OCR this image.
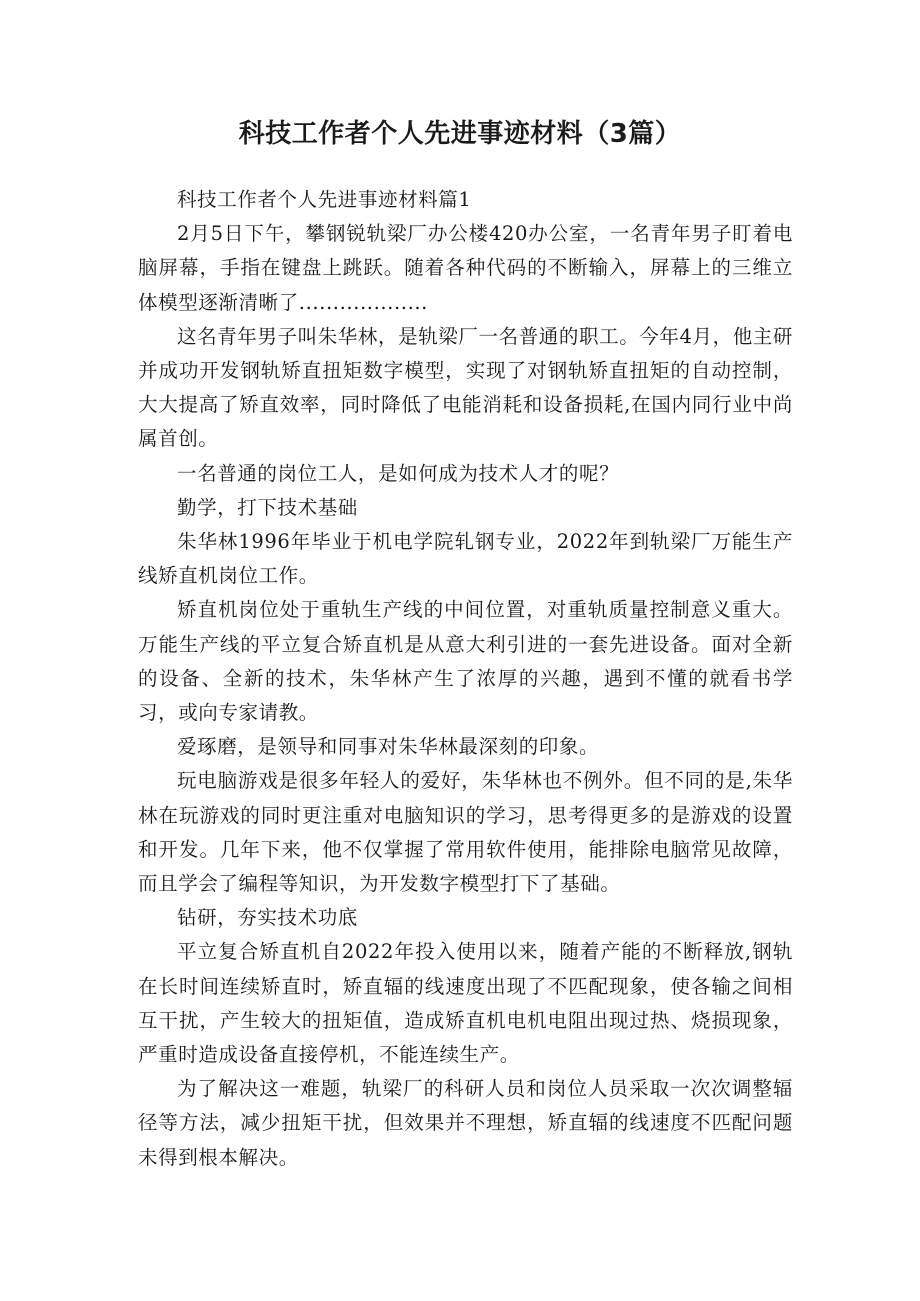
科技工作者个人先进事迹材料（3篇）

科技工作者个人先进事迹材料篇1

2月5日下午，攀钢锐轨梁厂办公楼420办公室，一名青年男子盯着电脑屏幕，手指在键盘上跳跃。随着各种代码的不断输入，屏幕上的三维立体模型逐渐清晰了...................

这名青年男子叫朱华林，是轨梁厂一名普通的职工。今年4月，他主研并成功开发钢轨矫直扭矩数字模型，实现了对钢轨矫直扭矩的自动控制，大大提高了矫直效率，同时降低了电能消耗和设备损耗,在国内同行业中尚属首创。

一名普通的岗位工人，是如何成为技术人才的呢？

勤学，打下技术基础

朱华林1996年毕业于机电学院轧钢专业，2022年到轨梁厂万能生产线矫直机岗位工作。

矫直机岗位处于重轨生产线的中间位置，对重轨质量控制意义重大。万能生产线的平立复合矫直机是从意大利引进的一套先进设备。面对全新的设备、全新的技术，朱华林产生了浓厚的兴趣，遇到不懂的就看书学习，或向专家请教。

爱琢磨，是领导和同事对朱华林最深刻的印象。

玩电脑游戏是很多年轻人的爱好，朱华林也不例外。但不同的是,朱华林在玩游戏的同时更注重对电脑知识的学习，思考得更多的是游戏的设置和开发。几年下来，他不仅掌握了常用软件使用，能排除电脑常见故障，而且学会了编程等知识，为开发数字模型打下了基础。

钻研，夯实技术功底

平立复合矫直机自2022年投入使用以来，随着产能的不断释放,钢轨在长时间连续矫直时，矫直辐的线速度出现了不匹配现象，使各输之间相互干扰，产生较大的扭矩值，造成矫直机电机电阻出现过热、烧损现象，严重时造成设备直接停机，不能连续生产。

为了解决这一难题，轨梁厂的科研人员和岗位人员采取一次次调整辐径等方法，减少扭矩干扰，但效果并不理想，矫直辐的线速度不匹配问题未得到根本解决。
